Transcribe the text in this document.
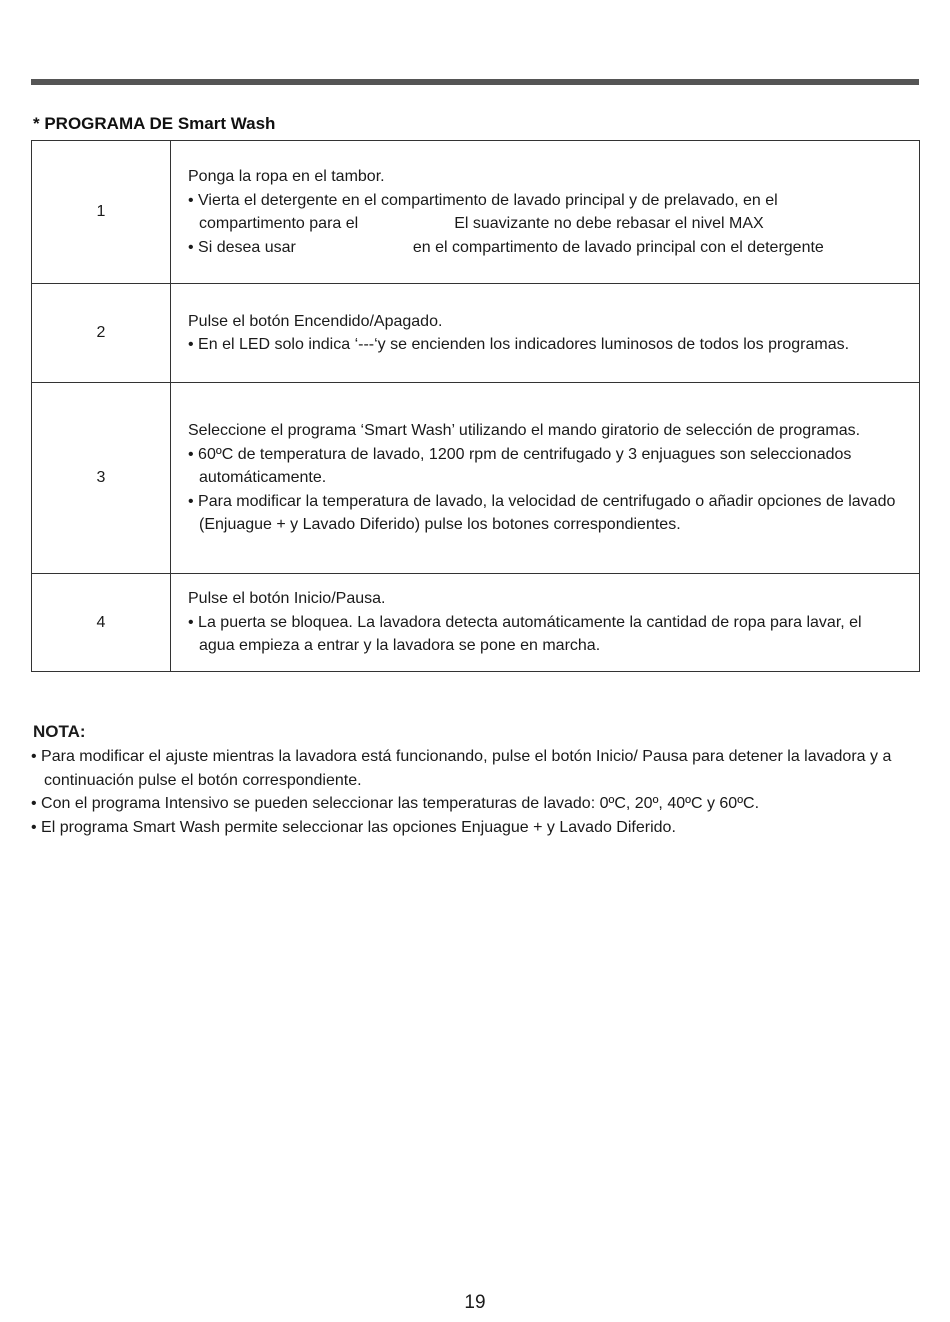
* PROGRAMA DE Smart Wash
1	Ponga la ropa en el tambor.
• Vierta el detergente en el compartimento de lavado principal y de prelavado, en el
compartimento para el El suavizante no debe rebasar el nivel MAX
• Si desea usar en el compartimento de lavado principal con el detergente

2	Pulse el botón Encendido/Apagado.
• En el LED solo indica ‘---‘y se encienden los indicadores luminosos de todos los programas.

3	Seleccione el programa ‘Smart Wash’ utilizando el mando giratorio de selección de programas.
• 60ºC de temperatura de lavado, 1200 rpm de centrifugado y 3 enjuagues son seleccionados automáticamente.
• Para modificar la temperatura de lavado, la velocidad de centrifugado o añadir opciones de lavado (Enjuague + y Lavado Diferido) pulse los botones correspondientes.

4	Pulse el botón Inicio/Pausa.
• La puerta se bloquea. La lavadora detecta automáticamente la cantidad de ropa para lavar, el agua empieza a entrar y la lavadora se pone en marcha.
NOTA:
• Para modificar el ajuste mientras la lavadora está funcionando, pulse el botón Inicio/ Pausa para detener la lavadora y a continuación pulse el botón correspondiente.
• Con el programa Intensivo se pueden seleccionar las temperaturas de lavado: 0ºC, 20º, 40ºC y 60ºC.
• El programa Smart Wash permite seleccionar las opciones Enjuague + y Lavado Diferido.
19
